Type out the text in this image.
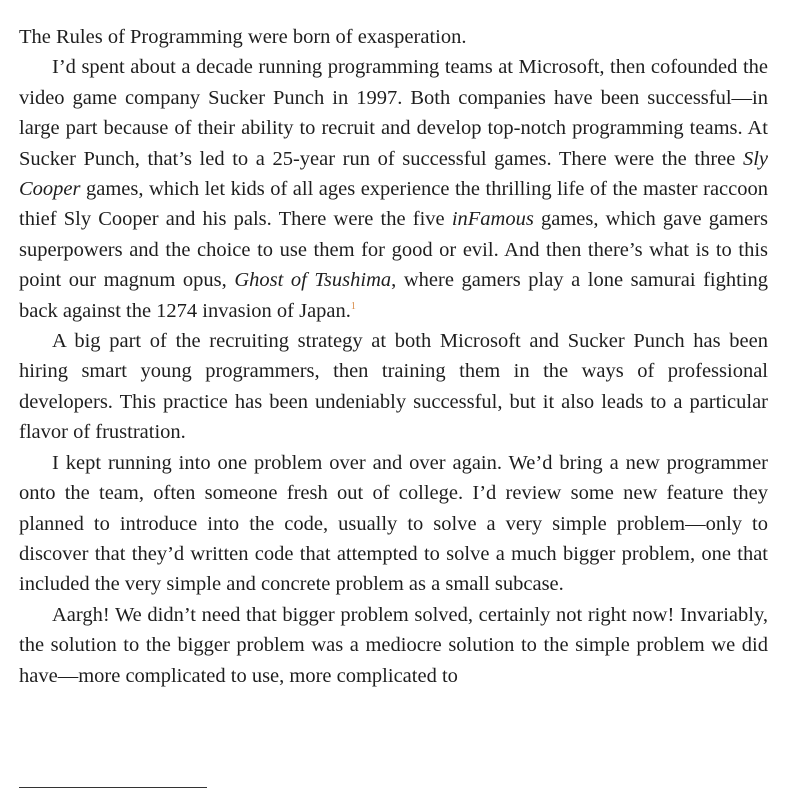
The Rules of Programming were born of exasperation.

I’d spent about a decade running programming teams at Microsoft, then cofounded the video game company Sucker Punch in 1997. Both companies have been successful—in large part because of their ability to recruit and develop top-notch programming teams. At Sucker Punch, that’s led to a 25-year run of successful games. There were the three Sly Cooper games, which let kids of all ages experience the thrilling life of the master raccoon thief Sly Cooper and his pals. There were the five inFamous games, which gave gamers superpowers and the choice to use them for good or evil. And then there’s what is to this point our magnum opus, Ghost of Tsushima, where gamers play a lone samurai fighting back against the 1274 invasion of Japan.$^1$

A big part of the recruiting strategy at both Microsoft and Sucker Punch has been hiring smart young programmers, then training them in the ways of professional developers. This practice has been undeniably successful, but it also leads to a particular flavor of frustration.

I kept running into one problem over and over again. We’d bring a new programmer onto the team, often someone fresh out of college. I’d review some new feature they planned to introduce into the code, usually to solve a very simple problem—only to discover that they’d written code that attempted to solve a much bigger problem, one that included the very simple and concrete problem as a small subcase.

Aargh! We didn’t need that bigger problem solved, certainly not right now! Invariably, the solution to the bigger problem was a mediocre solution to the simple problem we did have—more complicated to use, more complicated to
